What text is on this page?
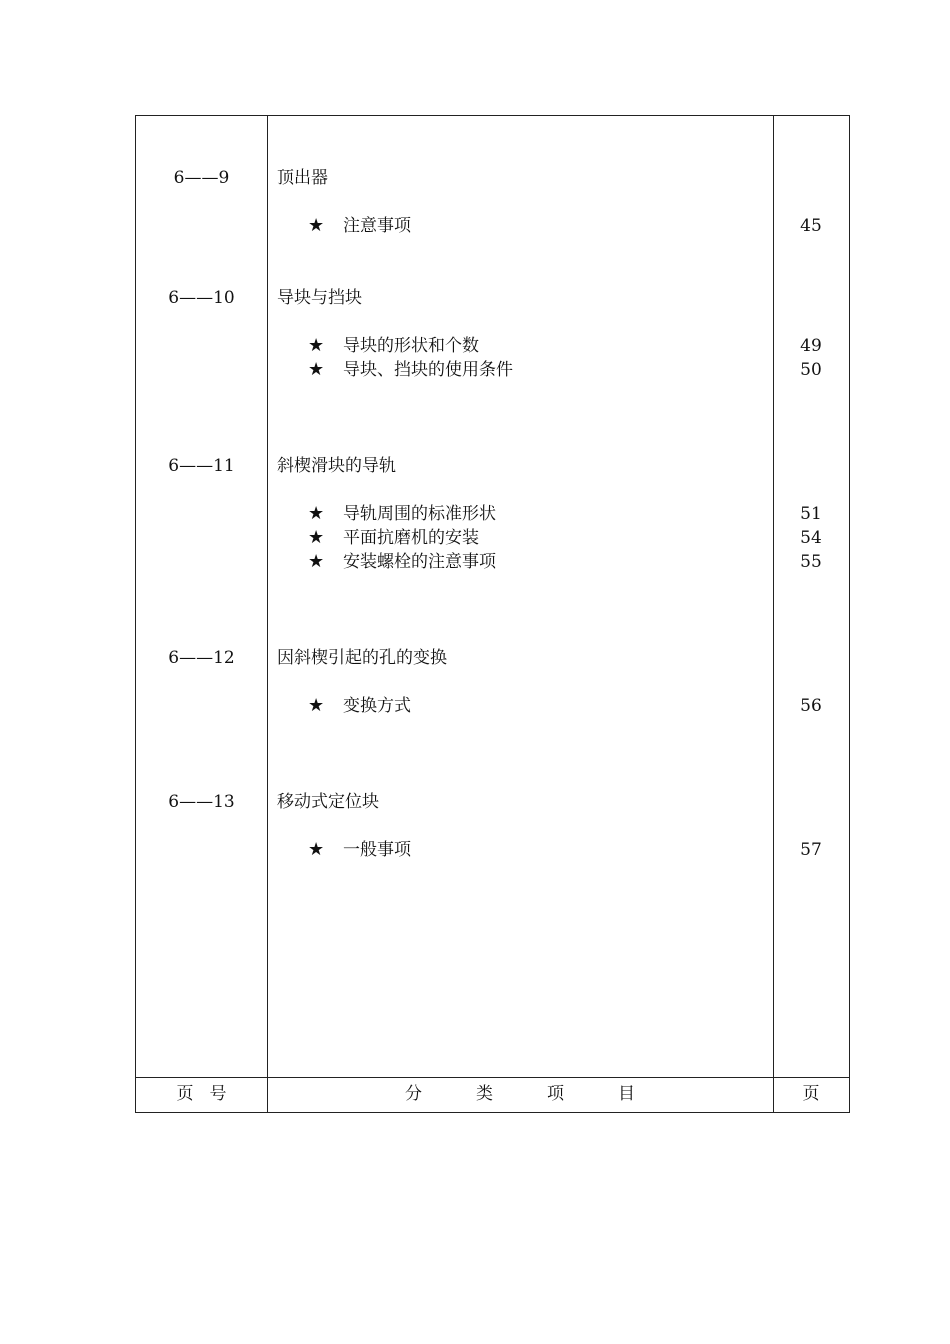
6——9	顶出器
★ 注意事项	45
6——10	导块与挡块
★ 导块的形状和个数	49
★ 导块、挡块的使用条件	50
6——11	斜楔滑块的导轨
★ 导轨周围的标准形状	51
★ 平面抗磨机的安装	54
★ 安装螺栓的注意事项	55
6——12	因斜楔引起的孔的变换
★ 变换方式	56
6——13	移动式定位块
★ 一般事项	57
页号	分类项目	页
